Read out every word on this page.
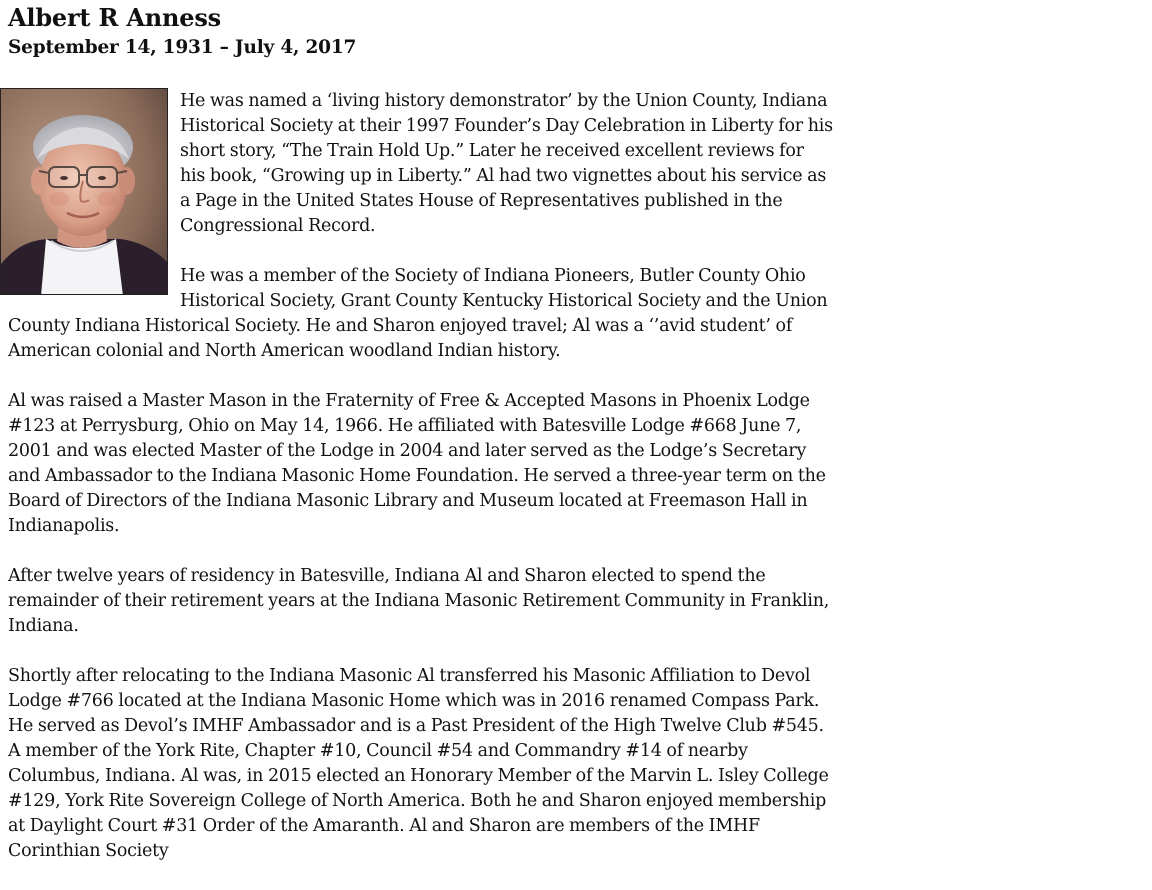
Albert R Anness
September 14, 1931 – July 4, 2017

He was named a ‘living history demonstrator’ by the Union County, Indiana Historical Society at their 1997 Founder’s Day Celebration in Liberty for his short story, “The Train Hold Up.” Later he received excellent reviews for his book, “Growing up in Liberty.” Al had two vignettes about his service as a Page in the United States House of Representatives published in the Congressional Record.

He was a member of the Society of Indiana Pioneers, Butler County Ohio Historical Society, Grant County Kentucky Historical Society and the Union County Indiana Historical Society. He and Sharon enjoyed travel; Al was a ‘’avid student’ of American colonial and North American woodland Indian history.

Al was raised a Master Mason in the Fraternity of Free & Accepted Masons in Phoenix Lodge #123 at Perrysburg, Ohio on May 14, 1966. He affiliated with Batesville Lodge #668 June 7, 2001 and was elected Master of the Lodge in 2004 and later served as the Lodge’s Secretary and Ambassador to the Indiana Masonic Home Foundation. He served a three-year term on the Board of Directors of the Indiana Masonic Library and Museum located at Freemason Hall in Indianapolis.

After twelve years of residency in Batesville, Indiana Al and Sharon elected to spend the remainder of their retirement years at the Indiana Masonic Retirement Community in Franklin, Indiana.

Shortly after relocating to the Indiana Masonic Al transferred his Masonic Affiliation to Devol Lodge #766 located at the Indiana Masonic Home which was in 2016 renamed Compass Park. He served as Devol’s IMHF Ambassador and is a Past President of the High Twelve Club #545. A member of the York Rite, Chapter #10, Council #54 and Commandry #14 of nearby Columbus, Indiana. Al was, in 2015 elected an Honorary Member of the Marvin L. Isley College #129, York Rite Sovereign College of North America. Both he and Sharon enjoyed membership at Daylight Court #31 Order of the Amaranth. Al and Sharon are members of the IMHF Corinthian Society
